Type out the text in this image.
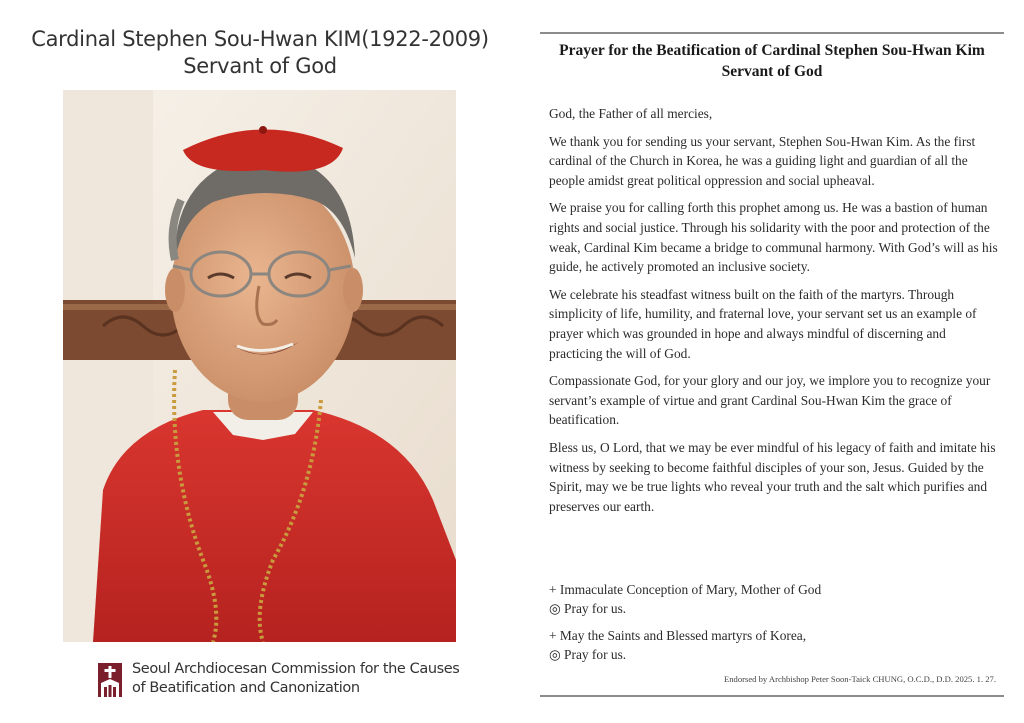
Cardinal Stephen Sou-Hwan KIM(1922-2009)
Servant of God
Seoul Archdiocesan Commission for the Causes
of Beatification and Canonization
Prayer for the Beatification of Cardinal Stephen Sou-Hwan Kim
Servant of God

God, the Father of all mercies,

We thank you for sending us your servant, Stephen Sou-Hwan Kim. As the first cardinal of the Church in Korea, he was a guiding light and guardian of all the people amidst great political oppression and social upheaval.

We praise you for calling forth this prophet among us. He was a bastion of human rights and social justice. Through his solidarity with the poor and protection of the weak, Cardinal Kim became a bridge to communal harmony. With God’s will as his guide, he actively promoted an inclusive society.

We celebrate his steadfast witness built on the faith of the martyrs. Through simplicity of life, humility, and fraternal love, your servant set us an example of prayer which was grounded in hope and always mindful of discerning and practicing the will of God.

Compassionate God, for your glory and our joy, we implore you to recognize your servant’s example of virtue and grant Cardinal Sou-Hwan Kim the grace of beatification.

Bless us, O Lord, that we may be ever mindful of his legacy of faith and imitate his witness by seeking to become faithful disciples of your son, Jesus. Guided by the Spirit, may we be true lights who reveal your truth and the salt which purifies and preserves our earth.

+ Immaculate Conception of Mary, Mother of God
◎ Pray for us.
+ May the Saints and Blessed martyrs of Korea,
◎ Pray for us.
Endorsed by Archbishop Peter Soon-Taick CHUNG, O.C.D., D.D. 2025. 1. 27.
